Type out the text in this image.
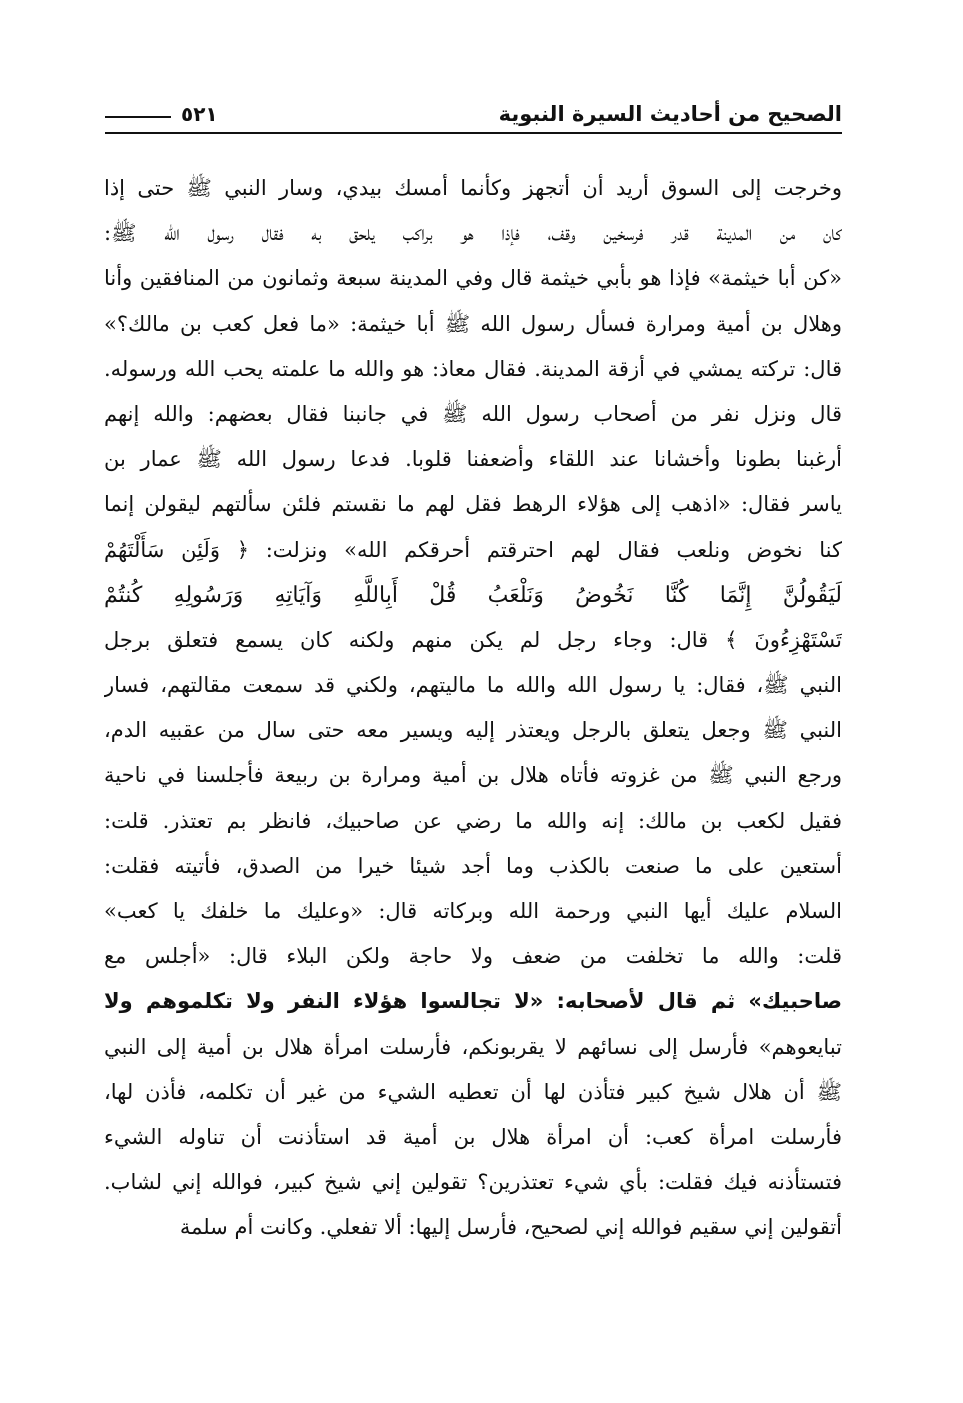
الصحيح من أحاديث السيرة النبوية
٥٢١
وخرجت إلى السوق أريد أن أتجهز وكأنما أمسك بيدي، وسار النبي ﷺ حتى إذا
كان من المدينة قدر فرسخين وقف، فإذا هو براكب يلحق به فقال رسول الله ﷺ:
«كن أبا خيثمة» فإذا هو بأبي خيثمة قال وفي المدينة سبعة وثمانون من المنافقين وأنا
وهلال بن أمية ومرارة فسأل رسول الله ﷺ أبا خيثمة: «ما فعل كعب بن مالك؟»
قال: تركته يمشي في أزقة المدينة. فقال معاذ: هو والله ما علمته يحب الله ورسوله.
قال ونزل نفر من أصحاب رسول الله ﷺ في جانبنا فقال بعضهم: والله إنهم
أرغبنا بطونا وأخشانا عند اللقاء وأضعفنا قلوبا. فدعا رسول الله ﷺ عمار بن
ياسر فقال: «اذهب إلى هؤلاء الرهط فقل لهم ما نقستم فلئن سألتهم ليقولن إنما
كنا نخوض ونلعب فقال لهم احترقتم أحرقكم الله» ونزلت: ﴿ وَلَئِن سَأَلْتَهُمْ
لَيَقُولُنَّ إِنَّمَا كُنَّا نَخُوضُ وَنَلْعَبُ قُلْ أَبِاللَّهِ وَآيَاتِهِ وَرَسُولِهِ كُنتُمْ
تَسْتَهْزِءُونَ ﴾ قال: وجاء رجل لم يكن منهم ولكنه كان يسمع فتعلق برجل
النبي ﷺ، فقال: يا رسول الله والله ما ماليتهم، ولكني قد سمعت مقالتهم، فسار
النبي ﷺ وجعل يتعلق بالرجل ويعتذر إليه ويسير معه حتى سال من عقبيه الدم،
ورجع النبي ﷺ من غزوته فأتاه هلال بن أمية ومرارة بن ربيعة فأجلسنا في ناحية
فقيل لكعب بن مالك: إنه والله ما رضي عن صاحبيك، فانظر بم تعتذر. قلت:
أستعين على ما صنعت بالكذب وما أجد شيئا خيرا من الصدق، فأتيته فقلت:
السلام عليك أيها النبي ورحمة الله وبركاته قال: «وعليك ما خلفك يا كعب»
قلت: والله ما تخلفت من ضعف ولا حاجة ولكن البلاء قال: «أجلس مع
صاحبيك» ثم قال لأصحابه: «لا تجالسوا هؤلاء النفر ولا تكلموهم ولا
تبايعوهم» فأرسل إلى نسائهم لا يقربونكم، فأرسلت امرأة هلال بن أمية إلى النبي
ﷺ أن هلال شيخ كبير فتأذن لها أن تعطيه الشيء من غير أن تكلمه، فأذن لها،
فأرسلت امرأة كعب: أن امرأة هلال بن أمية قد استأذنت أن تناوله الشيء
فتستأذنه فيك فقلت: بأي شيء تعتذرين؟ تقولين إني شيخ كبير، فوالله إني لشاب.
أتقولين إني سقيم فوالله إني لصحيح، فأرسل إليها: ألا تفعلي. وكانت أم سلمة
